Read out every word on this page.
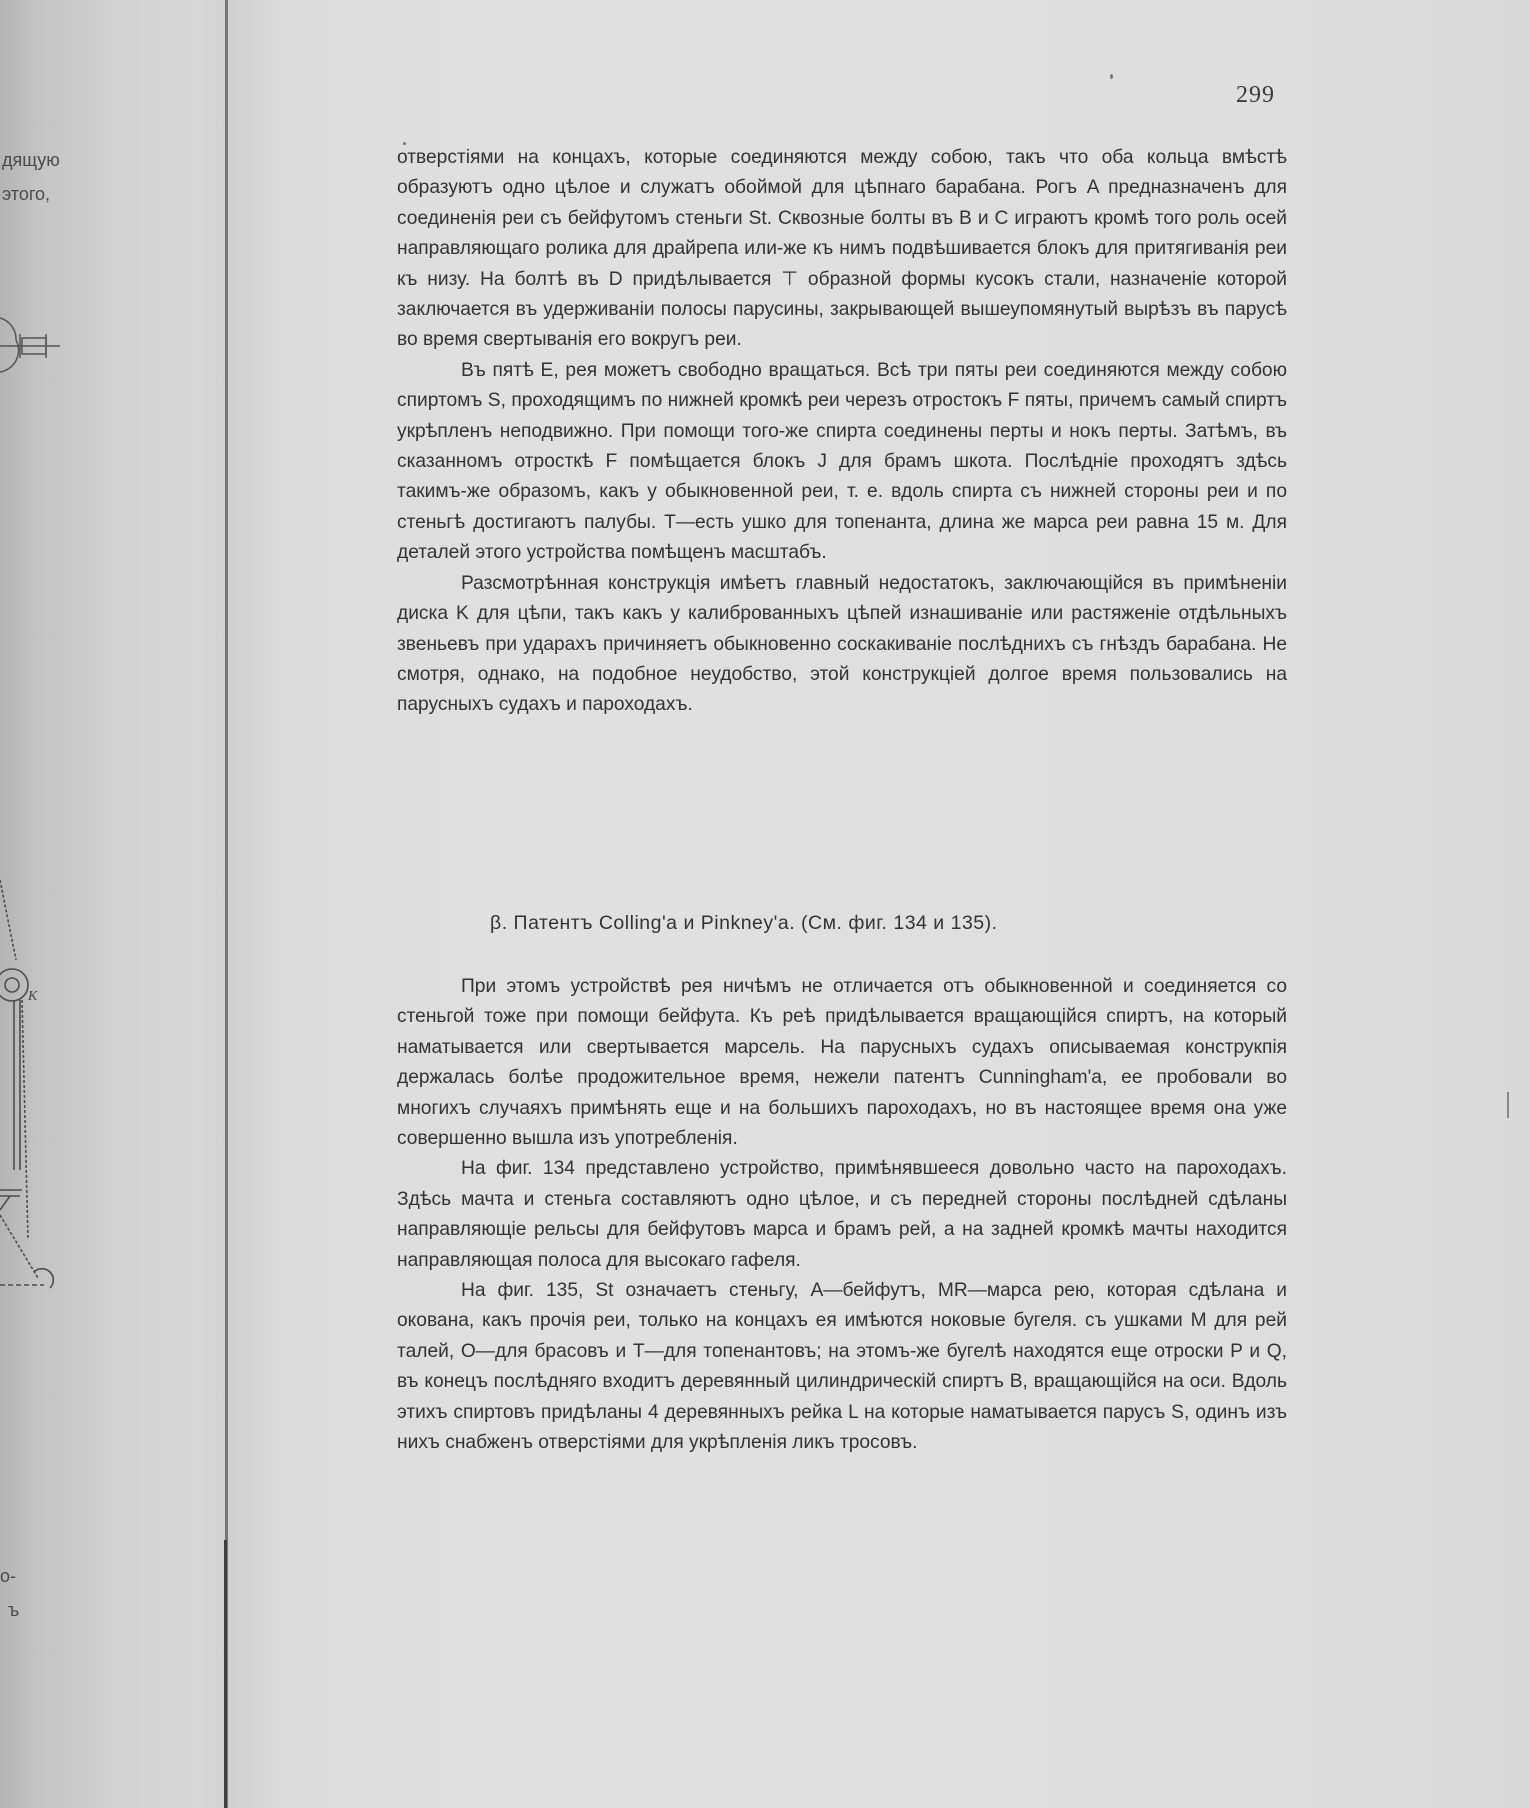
дящую
этого,
о-
ъ
K
299

отверстіями на концахъ, которые соединяются между собою, такъ что оба кольца вмѣстѣ образуютъ одно цѣлое и служатъ обоймой для цѣпнаго барабана. Рогъ A предназначенъ для соединенія реи съ бейфутомъ стеньги St. Сквозные болты въ B и C играютъ кромѣ того роль осей направляющаго ролика для драйрепа или-же къ нимъ подвѣшивается блокъ для притягиванія реи къ низу. На болтѣ въ D придѣлывается ⊤ образной формы кусокъ стали, назначеніе которой заключается въ удерживаніи полосы парусины, закрывающей вышеупомянутый вырѣзъ въ парусѣ во время свертыванія его вокругъ реи.

Въ пятѣ E, рея можетъ свободно вращаться. Всѣ три пяты реи соединяются между собою спиртомъ S, проходящимъ по нижней кромкѣ реи черезъ отростокъ F пяты, причемъ самый спиртъ укрѣпленъ неподвижно. При помощи того-же спирта соединены перты и нокъ перты. Затѣмъ, въ сказанномъ отросткѣ F помѣщается блокъ J для брамъ шкота. Послѣдніе проходятъ здѣсь такимъ-же образомъ, какъ у обыкновенной реи, т. е. вдоль спирта съ нижней стороны реи и по стеньгѣ достигаютъ палубы. T—есть ушко для топенанта, длина же марса реи равна 15 м. Для деталей этого устройства помѣщенъ масштабъ.

Разсмотрѣнная конструкція имѣетъ главный недостатокъ, заключающійся въ примѣненіи диска K для цѣпи, такъ какъ у калиброванныхъ цѣпей изнашиваніе или растяженіе отдѣльныхъ звеньевъ при ударахъ причиняетъ обыкновенно соскакиваніе послѣднихъ съ гнѣздъ барабана. Не смотря, однако, на подобное неудобство, этой конструкціей долгое время пользовались на парусныхъ судахъ и пароходахъ.

β. Патентъ Colling'a и Pinkney'a. (См. фиг. 134 и 135).

При этомъ устройствѣ рея ничѣмъ не отличается отъ обыкновенной и соединяется со стеньгой тоже при помощи бейфута. Къ реѣ придѣлывается вращающійся спиртъ, на который наматывается или свертывается марсель. На парусныхъ судахъ описываемая конструкпія держалась болѣе продожительное время, нежели патентъ Cunningham'a, ее пробовали во многихъ случаяхъ примѣнять еще и на большихъ пароходахъ, но въ настоящее время она уже совершенно вышла изъ употребленія.

На фиг. 134 представлено устройство, примѣнявшееся довольно часто на пароходахъ. Здѣсь мачта и стеньга составляютъ одно цѣлое, и съ передней стороны послѣдней сдѣланы направляющіе рельсы для бейфутовъ марса и брамъ рей, а на задней кромкѣ мачты находится направляющая полоса для высокаго гафеля.

На фиг. 135, St означаетъ стеньгу, A—бейфутъ, MR—марса рею, которая сдѣлана и окована, какъ прочія реи, только на концахъ ея имѣются ноковые бугеля. съ ушками M для рей талей, O—для брасовъ и T—для топенантовъ; на этомъ-же бугелѣ находятся еще отроски P и Q, въ конецъ послѣдняго входитъ деревянный цилиндрическій спиртъ B, вращающійся на оси. Вдоль этихъ спиртовъ придѣланы 4 деревянныхъ рейка L на которые наматывается парусъ S, одинъ изъ нихъ снабженъ отверстіями для укрѣпленія ликъ тросовъ.
